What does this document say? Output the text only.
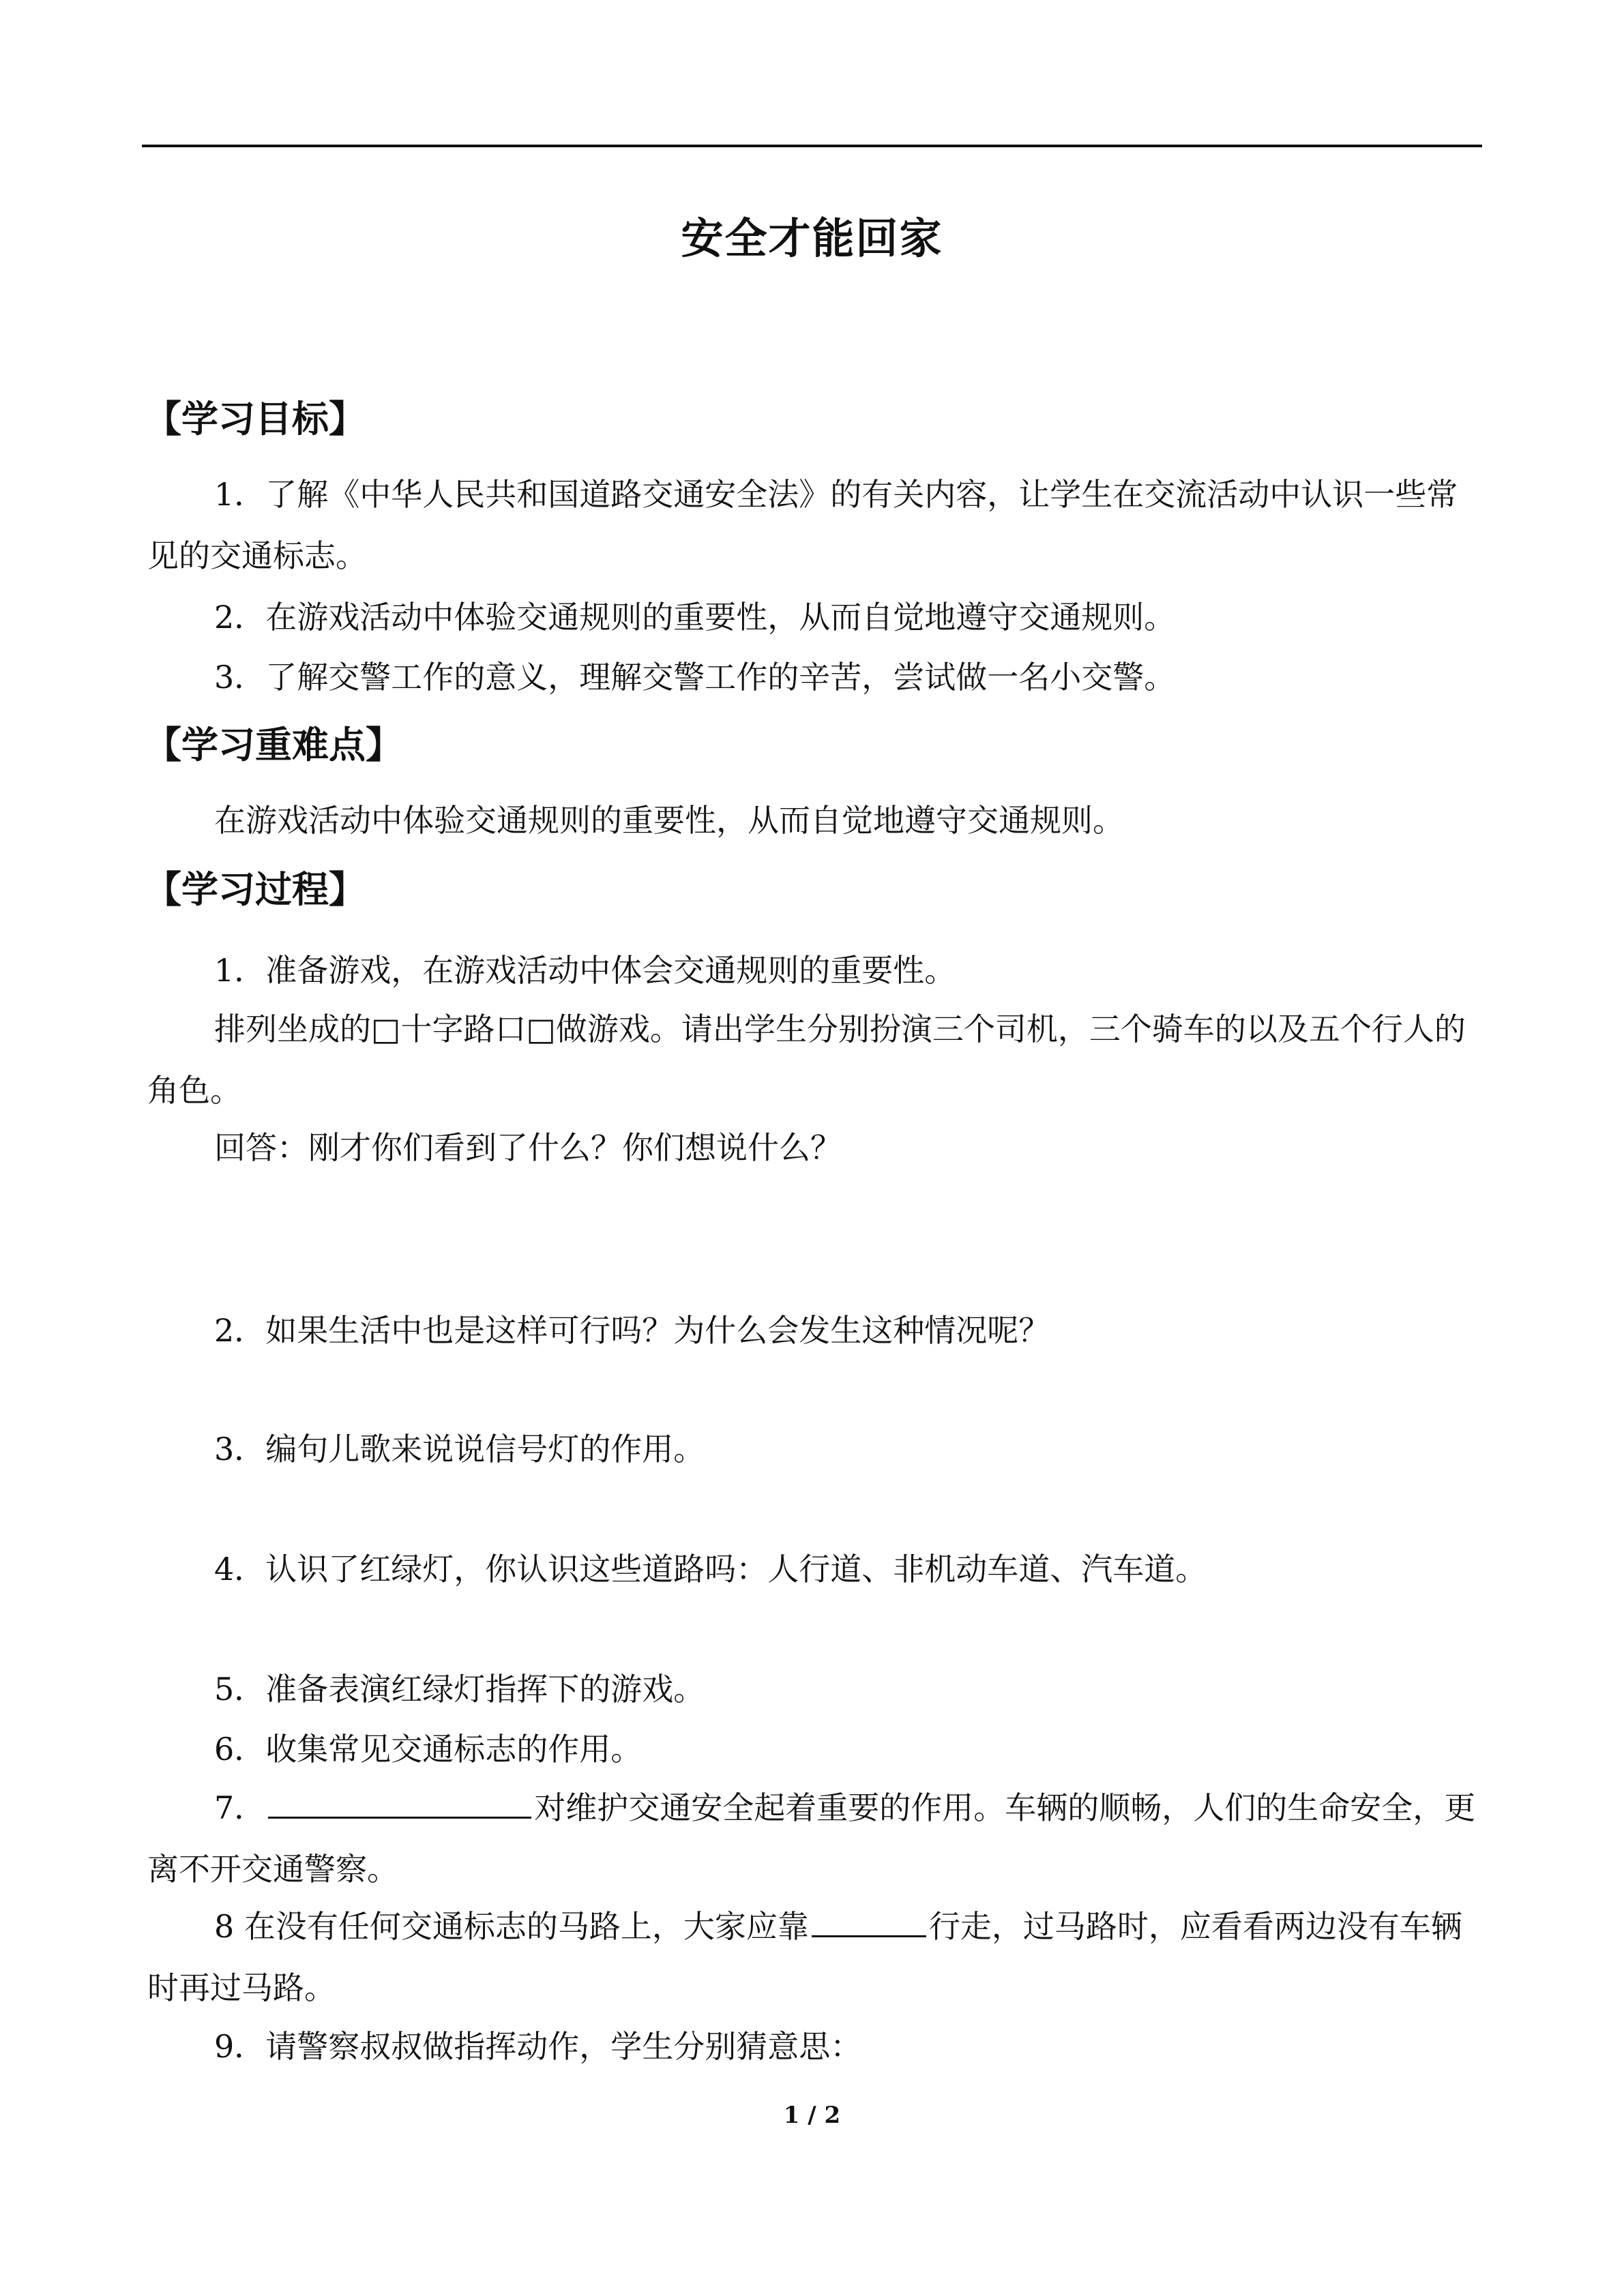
安全才能回家
【学习目标】
1．了解《中华人民共和国道路交通安全法》的有关内容，让学生在交流活动中认识一些常见的交通标志。
2．在游戏活动中体验交通规则的重要性，从而自觉地遵守交通规则。
3．了解交警工作的意义，理解交警工作的辛苦，尝试做一名小交警。
【学习重难点】
在游戏活动中体验交通规则的重要性，从而自觉地遵守交通规则。
【学习过程】
1．准备游戏，在游戏活动中体会交通规则的重要性。
排列坐成的□十字路口□做游戏。请出学生分别扮演三个司机，三个骑车的以及五个行人的角色。
回答：刚才你们看到了什么？你们想说什么？
2．如果生活中也是这样可行吗？为什么会发生这种情况呢？
3．编句儿歌来说说信号灯的作用。
4．认识了红绿灯，你认识这些道路吗：人行道、非机动车道、汽车道。
5．准备表演红绿灯指挥下的游戏。
6．收集常见交通标志的作用。
7．	对维护交通安全起着重要的作用。车辆的顺畅，人们的生命安全，更离不开交通警察。
8 在没有任何交通标志的马路上，大家应靠	行走，过马路时，应看看两边没有车辆时再过马路。
9．请警察叔叔做指挥动作，学生分别猜意思：
1 / 2
